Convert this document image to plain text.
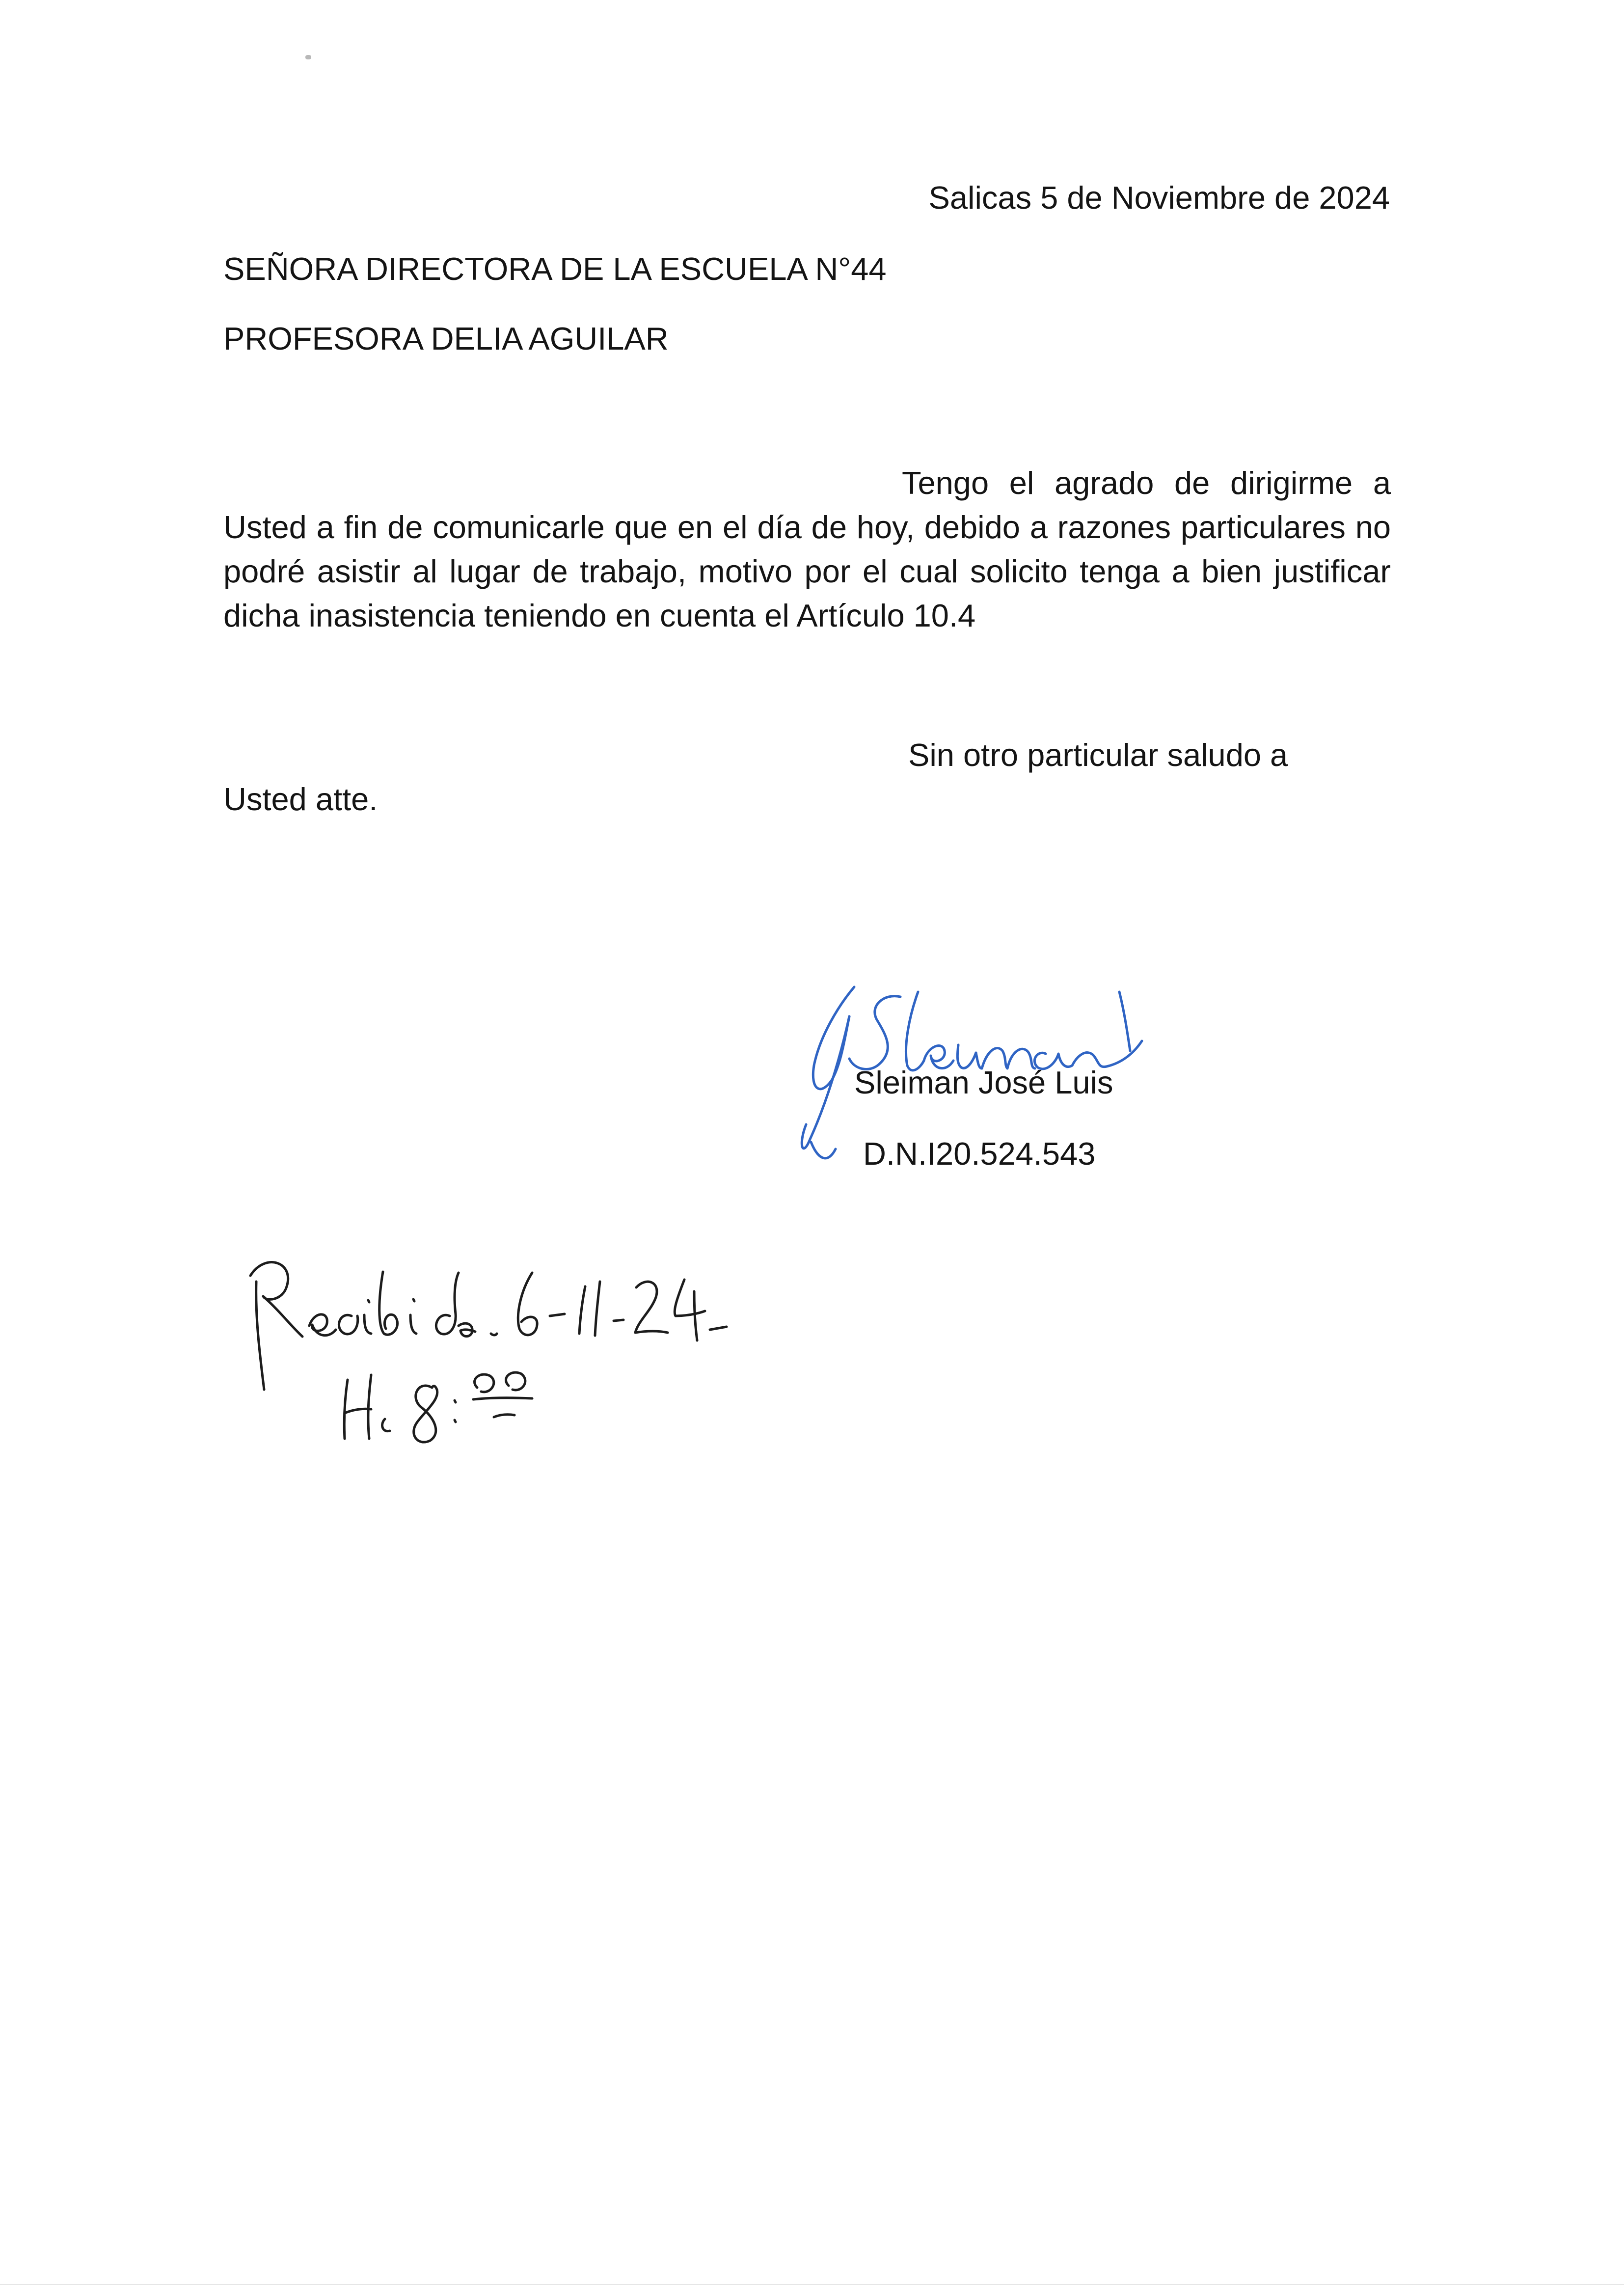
Salicas 5 de Noviembre de 2024
SEÑORA DIRECTORA DE LA ESCUELA N°44
PROFESORA DELIA AGUILAR
Tengo el agrado de dirigirme a Usted a fin de comunicarle que en el día de hoy, debido a razones particulares no podré asistir al lugar de trabajo, motivo por el cual solicito tenga a bien justificar dicha inasistencia teniendo en cuenta el Artículo 10.4
Sin otro particular saludo a
Usted atte.
Sleiman José Luis
D.N.I20.524.543
